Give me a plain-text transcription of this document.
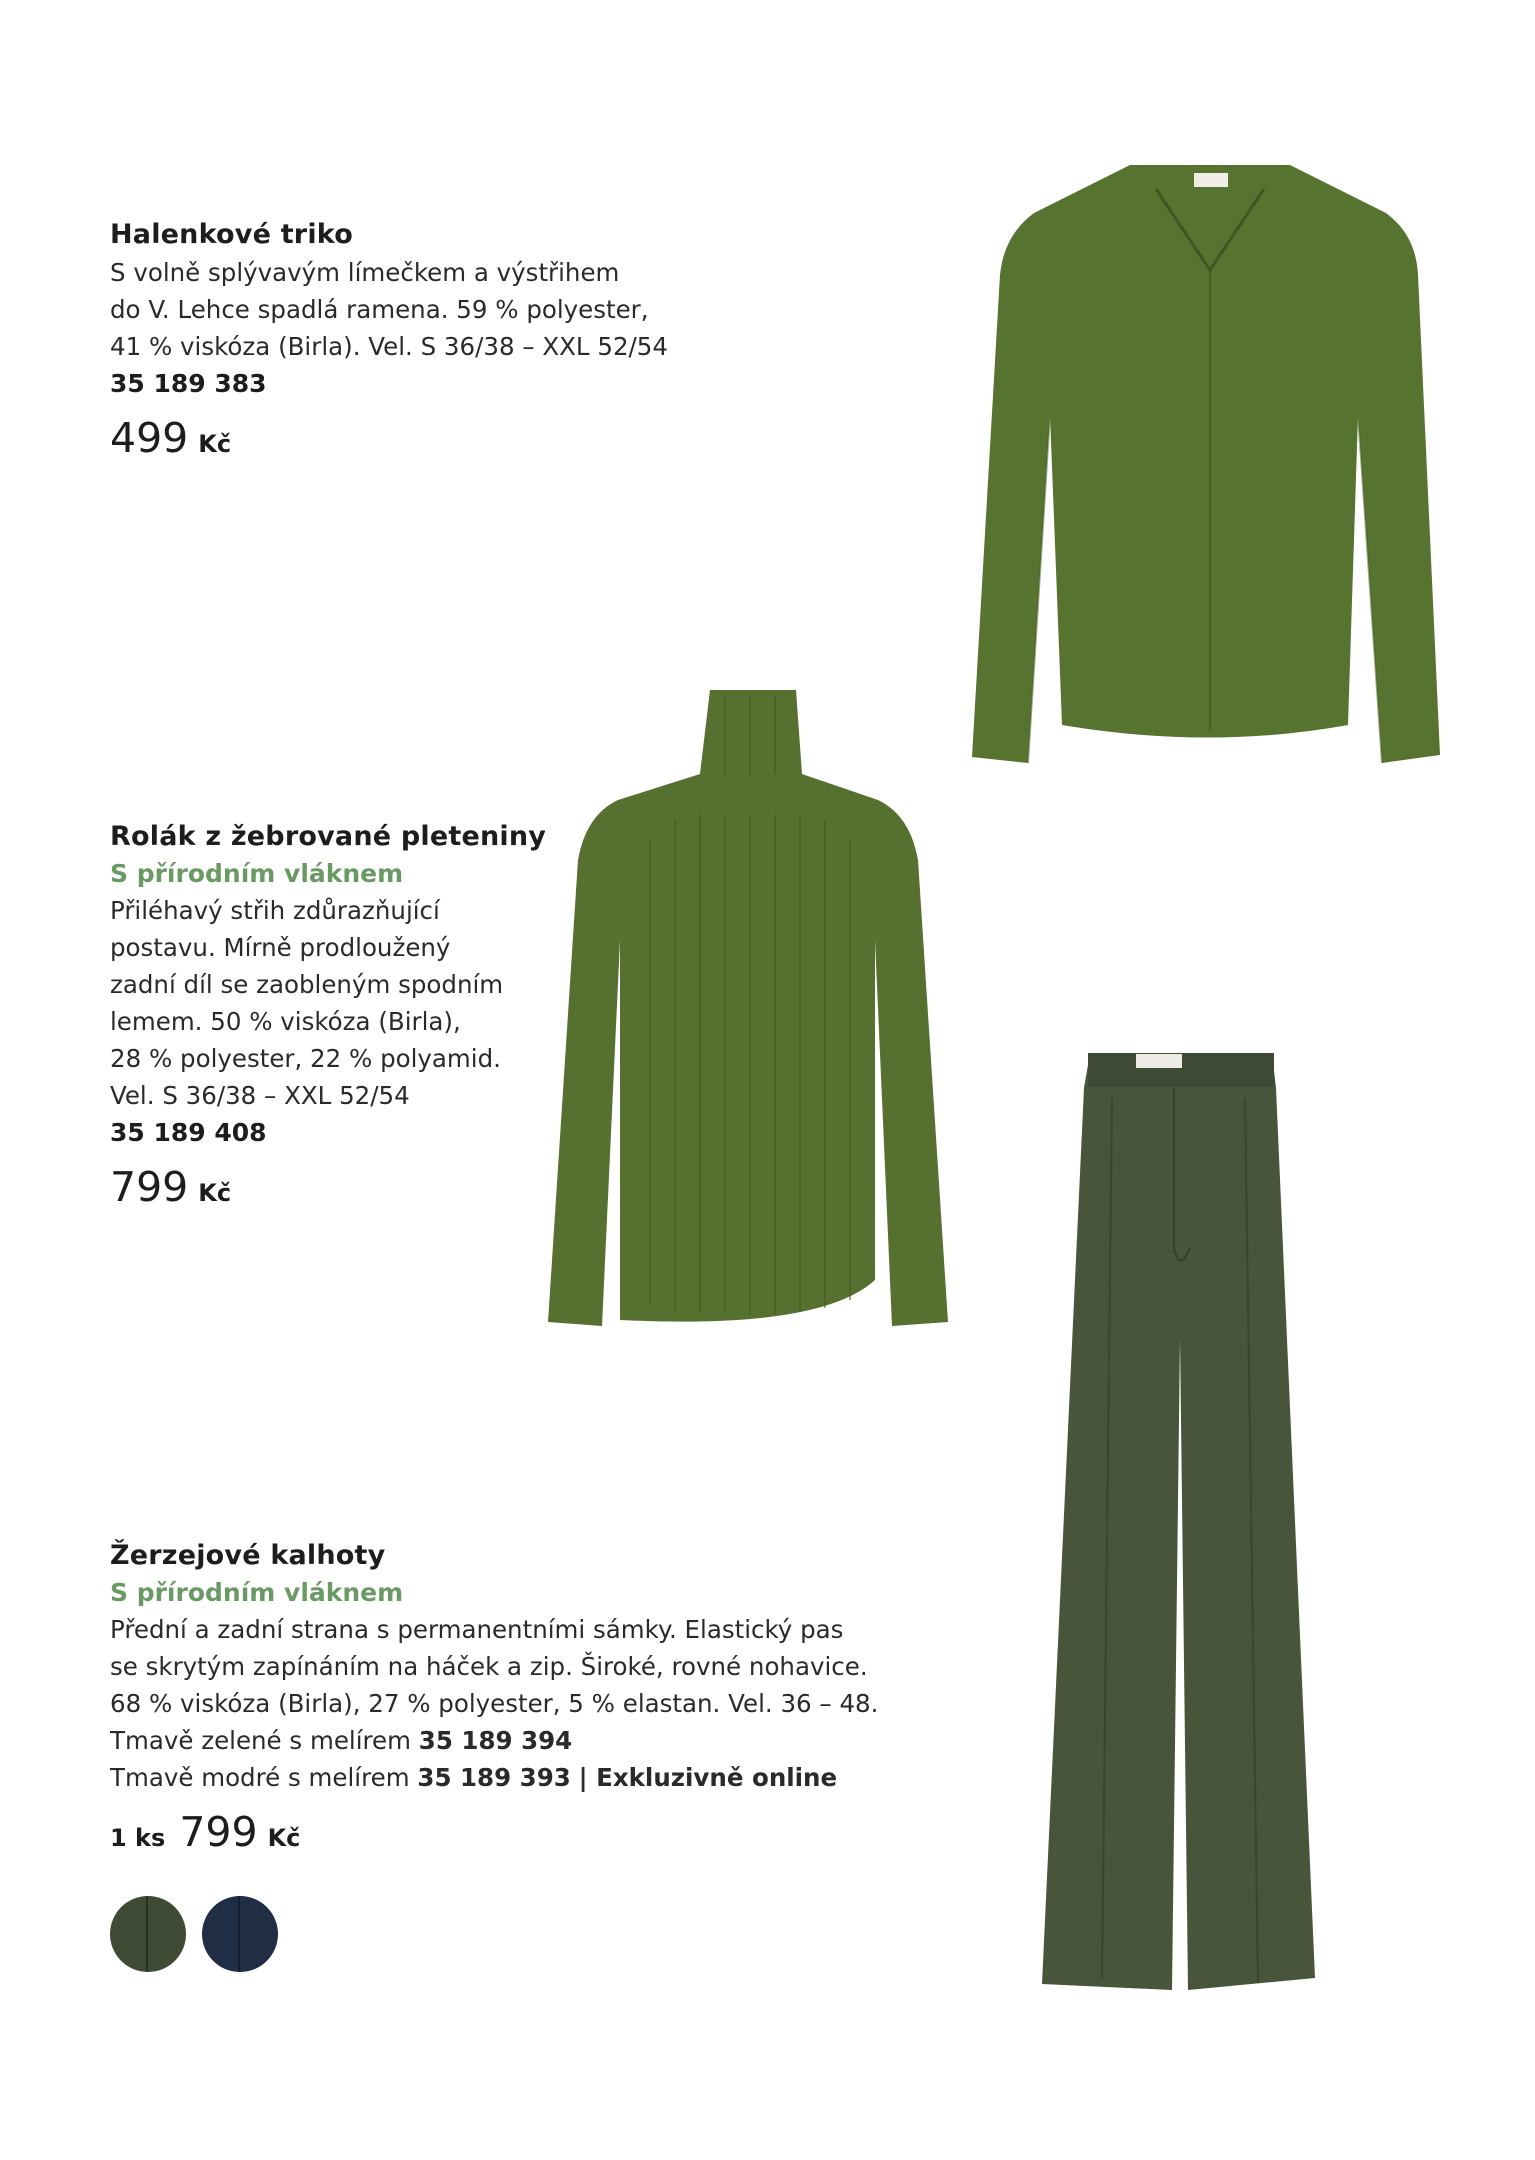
Halenkové triko

S volně splývavým límečkem a výstřihem

do V. Lehce spadlá ramena. 59 % polyester,

41 % viskóza (Birla). Vel. S 36/38 – XXL 52/54

35 189 383
499 Kč
Rolák z žebrované pleteniny
S přírodním vláknem

Přiléhavý střih zdůrazňující

postavu. Mírně prodloužený

zadní díl se zaobleným spodním

lemem. 50 % viskóza (Birla),

28 % polyester, 22 % polyamid.

Vel. S 36/38 – XXL 52/54

35 189 408
799 Kč
Žerzejové kalhoty
S přírodním vláknem

Přední a zadní strana s permanentními sámky. Elastický pas

se skrytým zapínáním na háček a zip. Široké, rovné nohavice.

68 % viskóza (Birla), 27 % polyester, 5 % elastan. Vel. 36 – 48.

Tmavě zelené s melírem 35 189 394

Tmavě modré s melírem 35 189 393 | Exkluzivně online

1 ks 799 Kč
